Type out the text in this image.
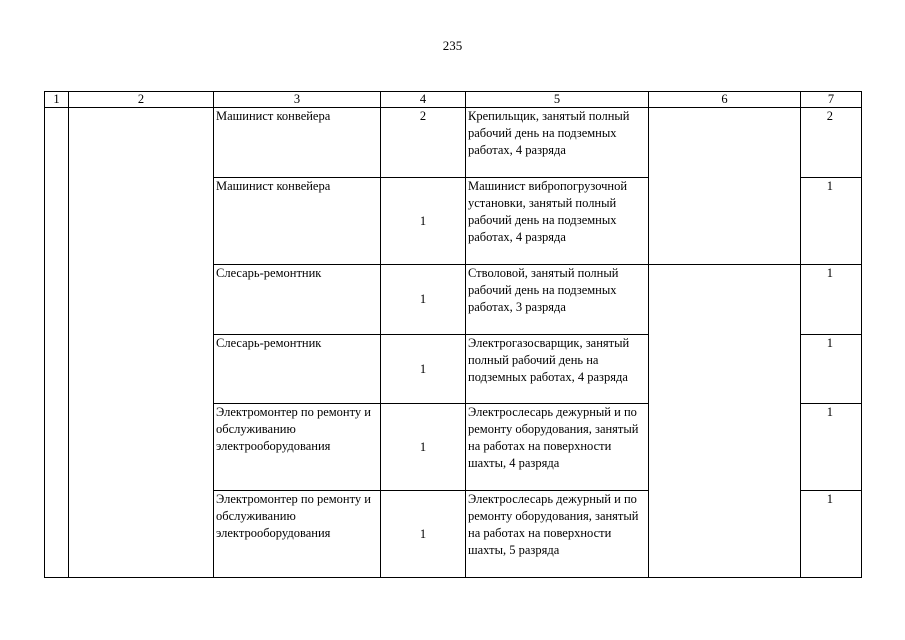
235
1	2	3	4	5	6	7
		Машинист конвейера	2	Крепильщик, занятый полный рабочий день на подземных работах, 4 разряда		2
		Машинист конвейера	1	Машинист вибропогрузочной установки, занятый полный рабочий день на подземных работах, 4 разряда		1
		Слесарь-ремонтник	1	Стволовой, занятый полный рабочий день на подземных работах, 3 разряда		1
		Слесарь-ремонтник	1	Электрогазосварщик, занятый полный рабочий день на подземных работах, 4 разряда		1
		Электромонтер по ремонту и обслуживанию электрооборудования	1	Электрослесарь дежурный и по ремонту оборудования, занятый на работах на поверхности шахты, 4 разряда		1
		Электромонтер по ремонту и обслуживанию электрооборудования	1	Электрослесарь дежурный и по ремонту оборудования, занятый на работах на поверхности шахты, 5 разряда		1
